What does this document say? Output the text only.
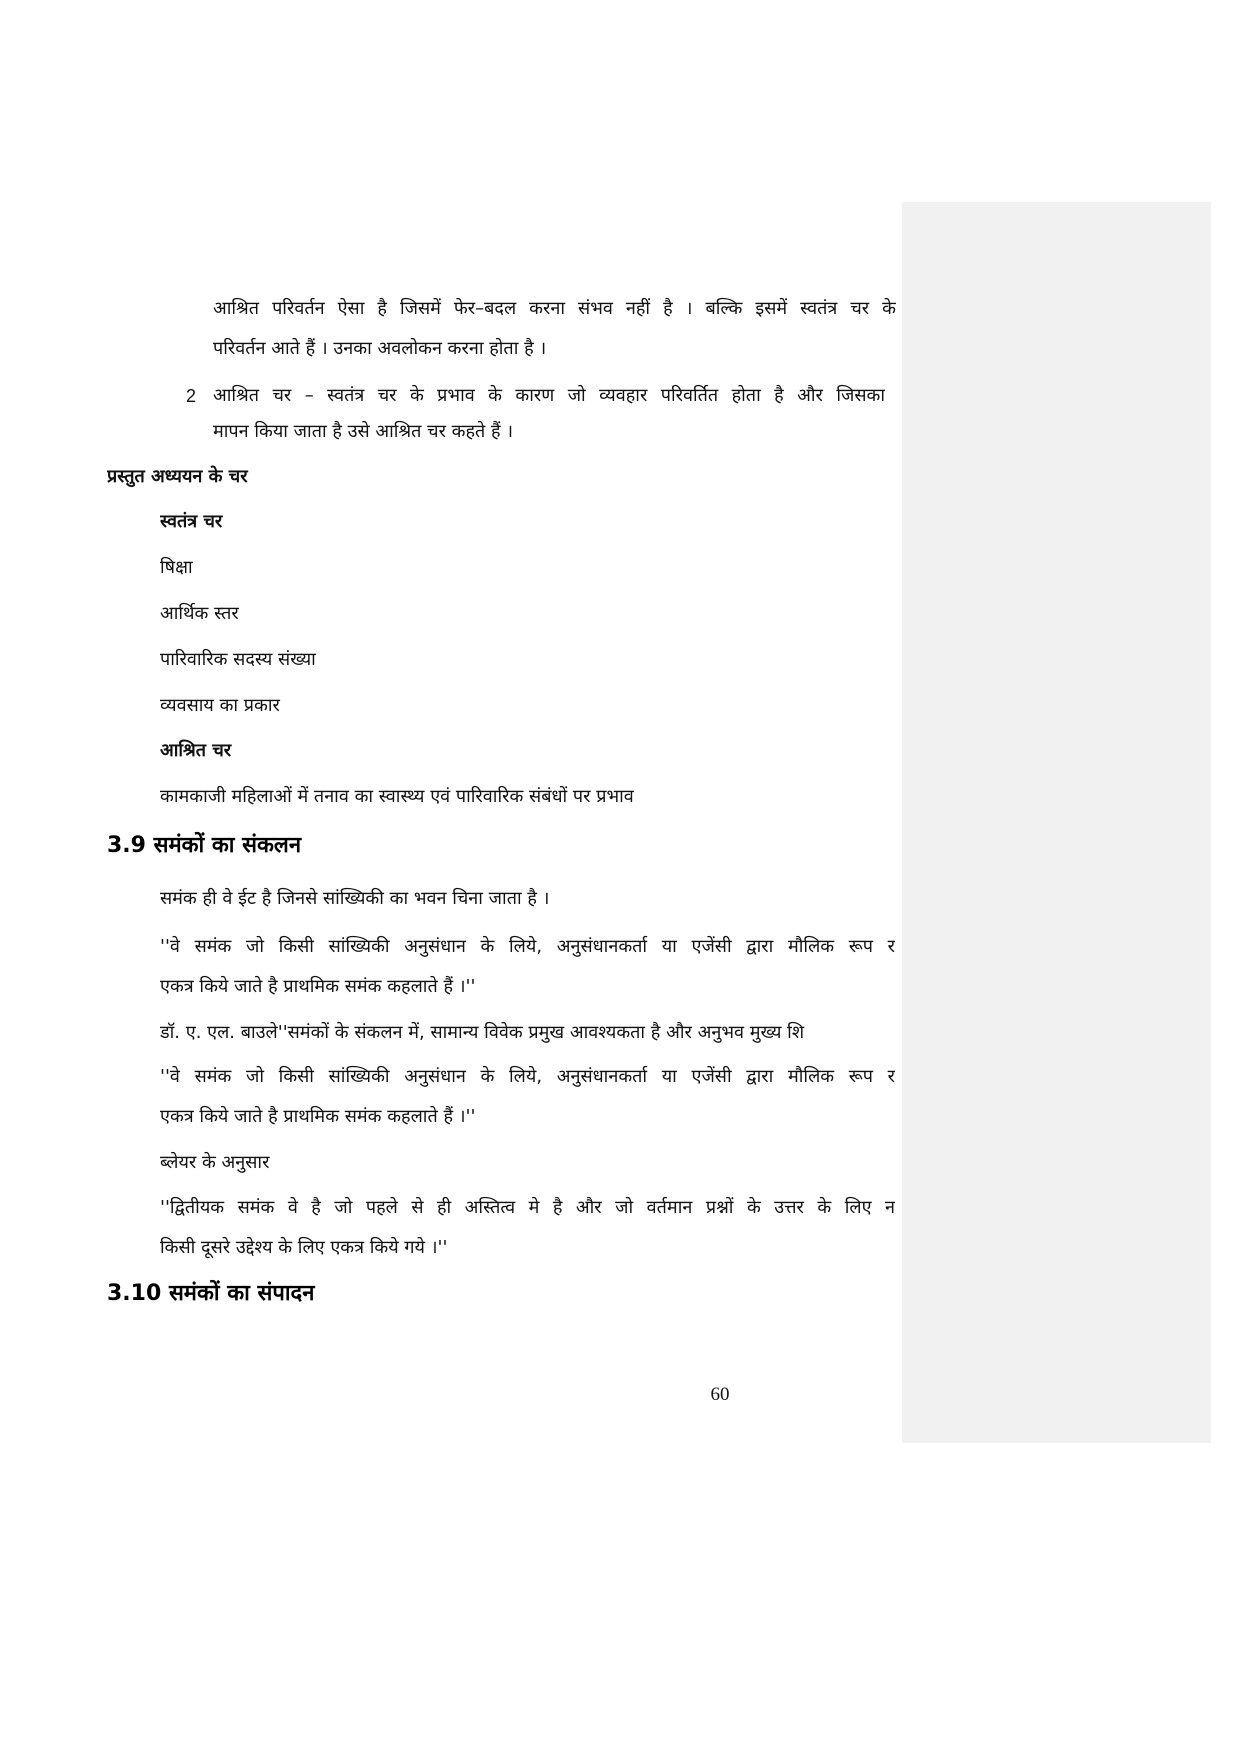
आश्रित परिवर्तन ऐसा है जिसमें फेर–बदल करना संभव नहीं है । बल्कि इसमें स्वतंत्र चर के

परिवर्तन आते हैं । उनका अवलोकन करना होता है ।

2 आश्रित चर – स्वतंत्र चर के प्रभाव के कारण जो व्यवहार परिवर्तित होता है और जिसका

मापन किया जाता है उसे आश्रित चर कहते हैं ।

प्रस्तुत अध्ययन के चर

स्वतंत्र चर

षिक्षा

आर्थिक स्तर

पारिवारिक सदस्य संख्या

व्यवसाय का प्रकार

आश्रित चर

कामकाजी महिलाओं में तनाव का स्वास्थ्य एवं पारिवारिक संबंधों पर प्रभाव

3.9 समंकों का संकलन

समंक ही वे ईट है जिनसे सांख्यिकी का भवन चिना जाता है ।

''वे समंक जो किसी सांख्यिकी अनुसंधान के लिये, अनुसंधानकर्ता या एजेंसी द्वारा मौलिक रूप र

एकत्र किये जाते है प्राथमिक समंक कहलाते हैं ।''

डॉ. ए. एल. बाउले''समंकों के संकलन में, सामान्य विवेक प्रमुख आवश्यकता है और अनुभव मुख्य शि

''वे समंक जो किसी सांख्यिकी अनुसंधान के लिये, अनुसंधानकर्ता या एजेंसी द्वारा मौलिक रूप र

एकत्र किये जाते है प्राथमिक समंक कहलाते हैं ।''

ब्लेयर के अनुसार

''द्वितीयक समंक वे है जो पहले से ही अस्तित्व मे है और जो वर्तमान प्रश्नों के उत्तर के लिए न

किसी दूसरे उद्देश्य के लिए एकत्र किये गये ।''

3.10 समंकों का संपादन

60
